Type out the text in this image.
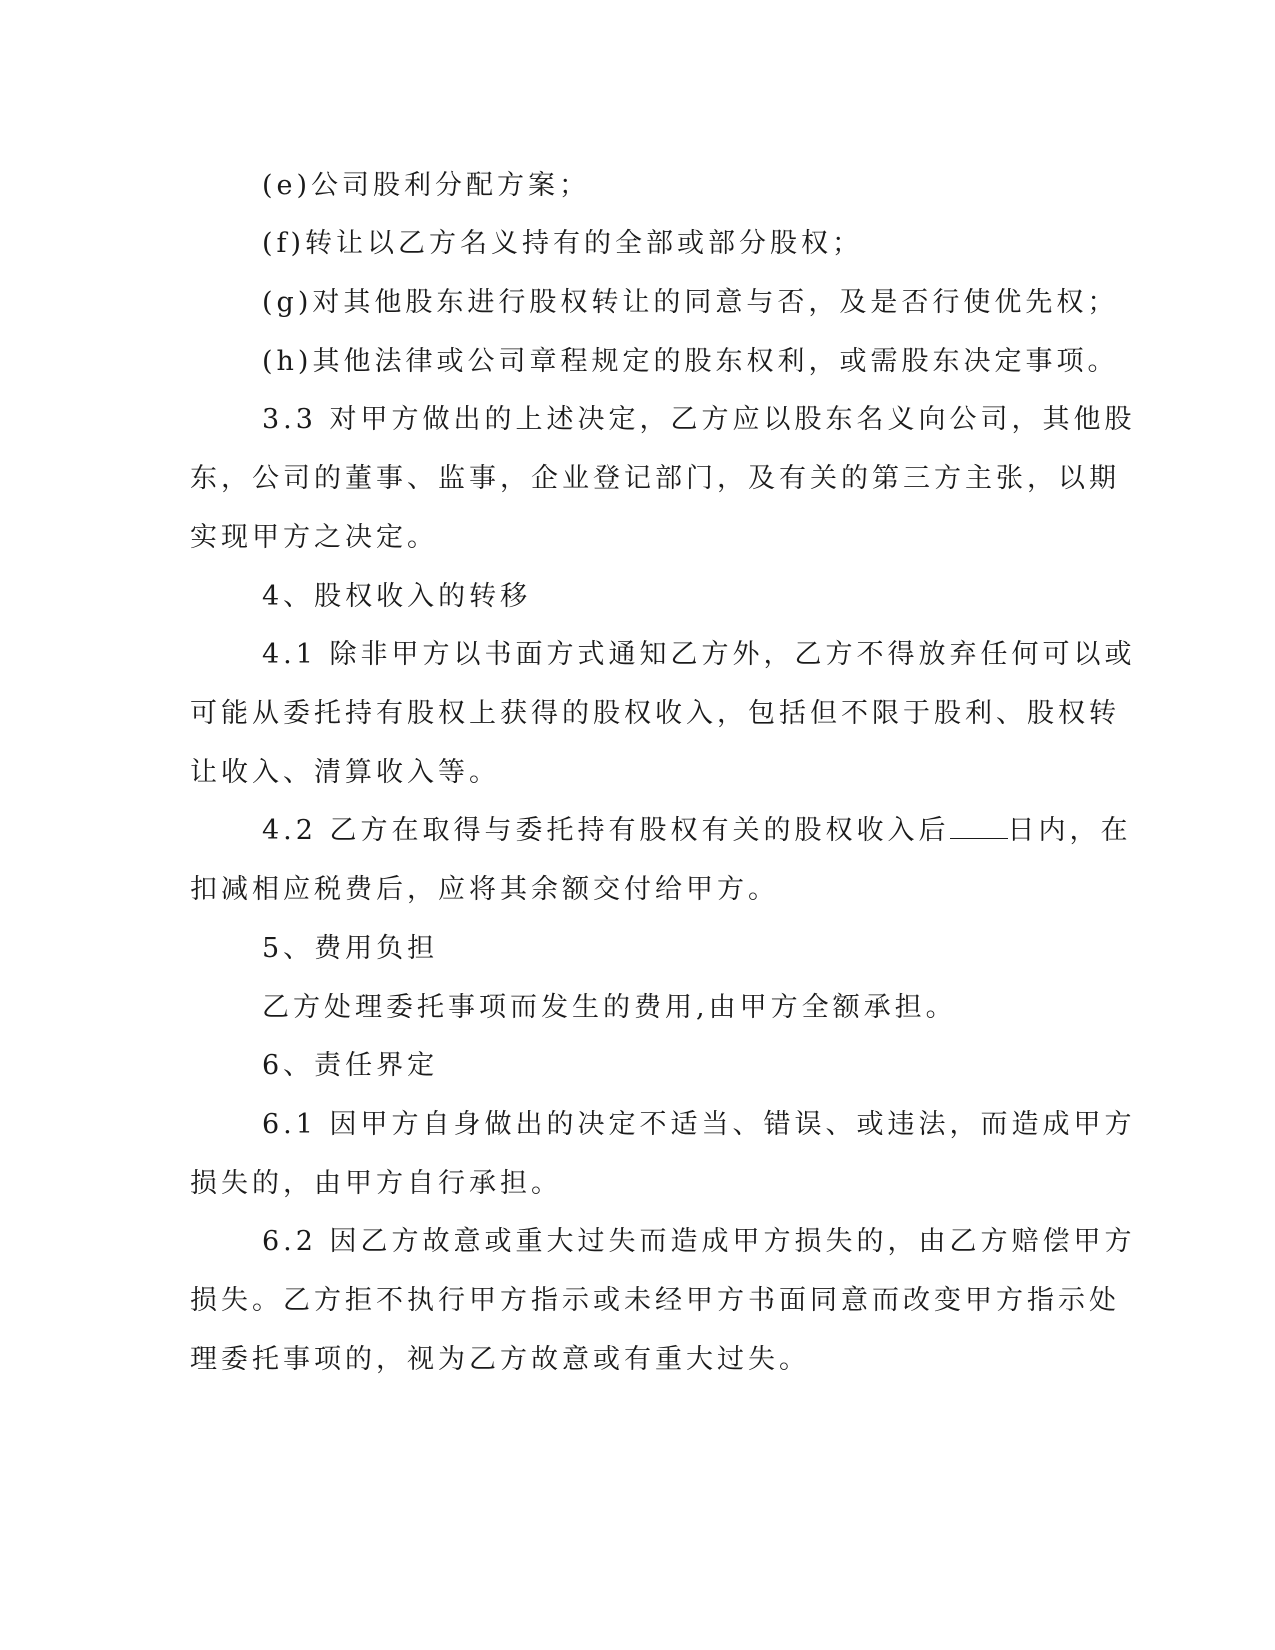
(e)公司股利分配方案；
(f)转让以乙方名义持有的全部或部分股权；
(g)对其他股东进行股权转让的同意与否，及是否行使优先权；
(h)其他法律或公司章程规定的股东权利，或需股东决定事项。
3.3 对甲方做出的上述决定，乙方应以股东名义向公司，其他股
东，公司的董事、监事，企业登记部门，及有关的第三方主张，以期
实现甲方之决定。
4、股权收入的转移
4.1 除非甲方以书面方式通知乙方外，乙方不得放弃任何可以或
可能从委托持有股权上获得的股权收入，包括但不限于股利、股权转
让收入、清算收入等。
4.2 乙方在取得与委托持有股权有关的股权收入后 日内，在
扣减相应税费后，应将其余额交付给甲方。
5、费用负担
乙方处理委托事项而发生的费用,由甲方全额承担。
6、责任界定
6.1 因甲方自身做出的决定不适当、错误、或违法，而造成甲方
损失的，由甲方自行承担。
6.2 因乙方故意或重大过失而造成甲方损失的，由乙方赔偿甲方
损失。乙方拒不执行甲方指示或未经甲方书面同意而改变甲方指示处
理委托事项的，视为乙方故意或有重大过失。
